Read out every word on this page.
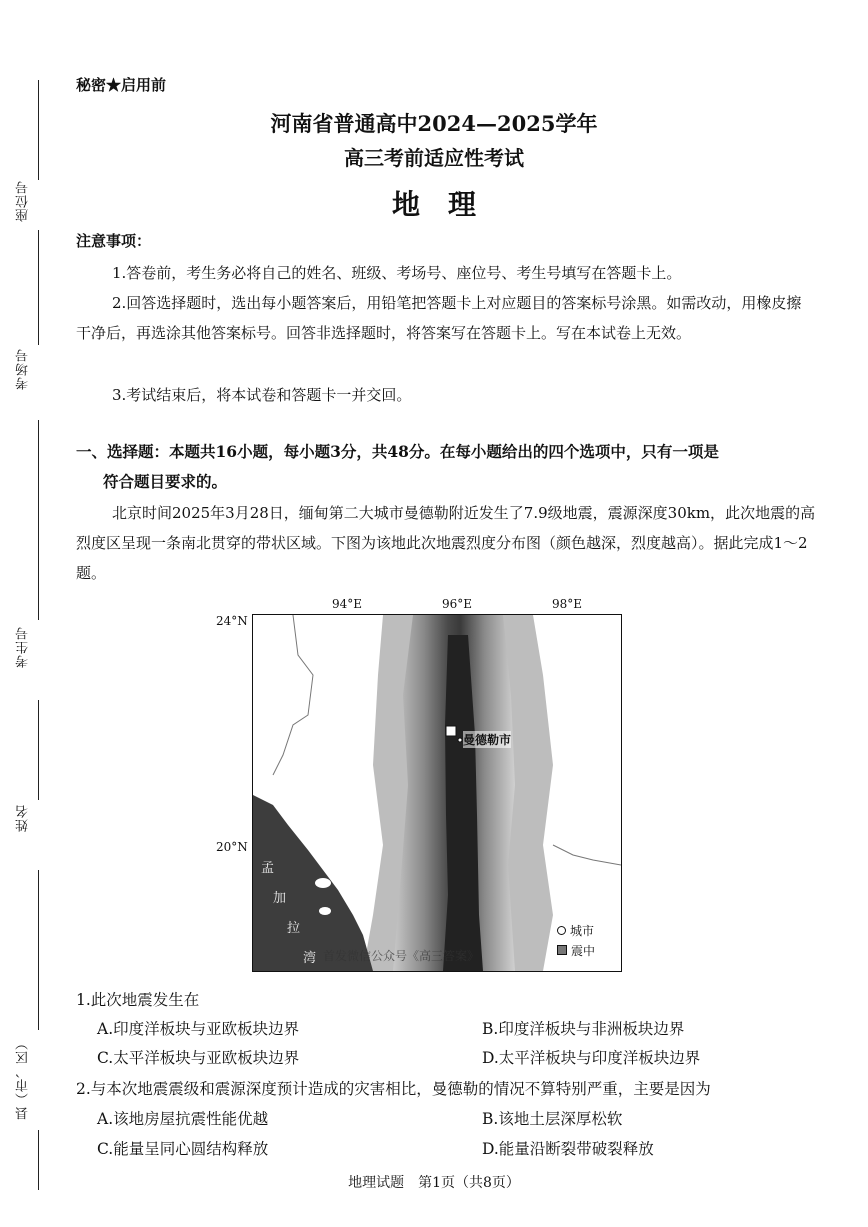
座位号
考场号
考生号
姓名
县（市、区）
秘密★启用前
河南省普通高中2024—2025学年
高三考前适应性考试
地理
注意事项：
1.答卷前，考生务必将自己的姓名、班级、考场号、座位号、考生号填写在答题卡上。
2.回答选择题时，选出每小题答案后，用铅笔把答题卡上对应题目的答案标号涂黑。如需改动，用橡皮擦干净后，再选涂其他答案标号。回答非选择题时，将答案写在答题卡上。写在本试卷上无效。
3.考试结束后，将本试卷和答题卡一并交回。
一、选择题：本题共16小题，每小题3分，共48分。在每小题给出的四个选项中，只有一项是
符合题目要求的。
北京时间2025年3月28日，缅甸第二大城市曼德勒附近发生了7.9级地震，震源深度30km，此次地震的高烈度区呈现一条南北贯穿的带状区域。下图为该地此次地震烈度分布图（颜色越深，烈度越高）。据此完成1～2题。
94°E	96°E	98°E
24°N
20°N
曼德勒市
孟
加
拉
湾 首发微信公众号《高三答案》
城市
震中
1.此次地震发生在
A.印度洋板块与亚欧板块边界	B.印度洋板块与非洲板块边界
C.太平洋板块与亚欧板块边界	D.太平洋板块与印度洋板块边界
2.与本次地震震级和震源深度预计造成的灾害相比，曼德勒的情况不算特别严重，主要是因为
A.该地房屋抗震性能优越	B.该地土层深厚松软
C.能量呈同心圆结构释放	D.能量沿断裂带破裂释放
地理试题　第1页（共8页）
